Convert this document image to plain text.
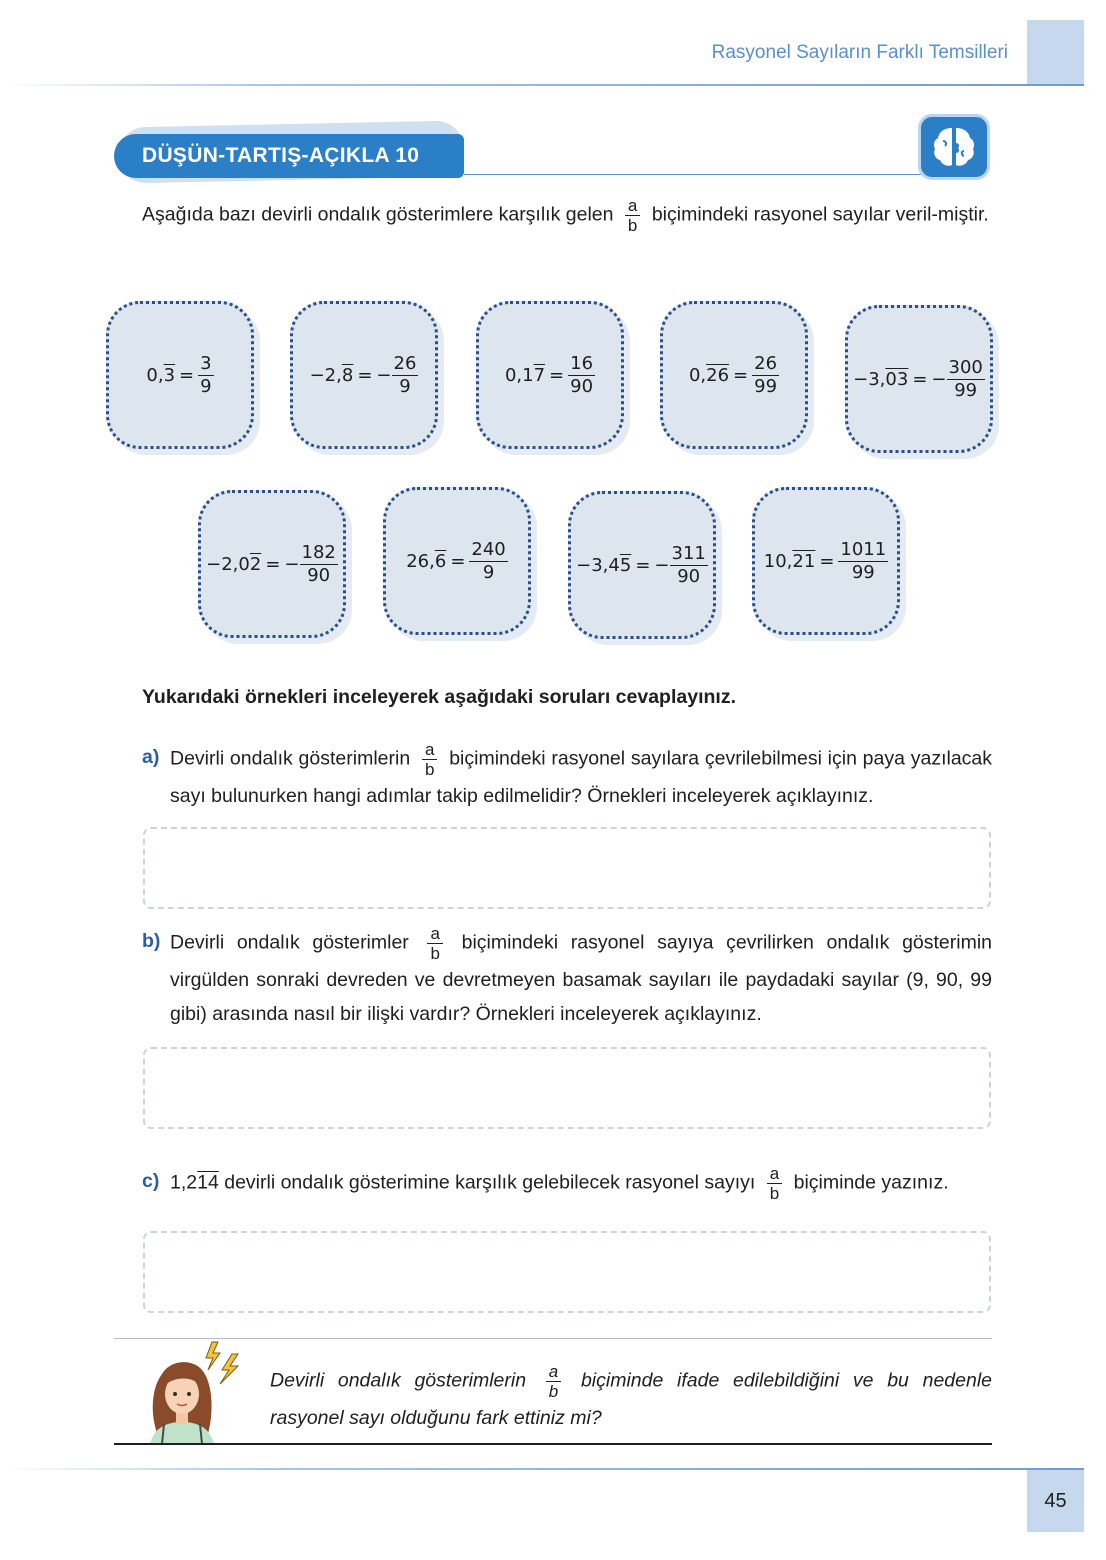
Rasyonel Sayıların Farklı Temsilleri
DÜŞÜN-TARTIŞ-AÇIKLA 10
Aşağıda bazı devirli ondalık gösterimlere karşılık gelen $\frac{a}{b}$ biçimindeki rasyonel sayılar veril-miştir.
0, $3 = \frac{3}{9}$	− 2, 8 = − $\frac{26}{9}$	0, 1 $7 = \frac{16}{90}$	0, $26 = \frac{26}{99}$	− 3, 03 = − $\frac{300}{99}$
− 2, 0 2 = − $\frac{182}{90}$	26, $6 = \frac{240}{9}$	− 3, 4 5 = − $\frac{311}{90}$	10, $21 = \frac{1011}{99}$
Yukarıdaki örnekleri inceleyerek aşağıdaki soruları cevaplayınız.
a) Devirli ondalık gösterimlerin $\frac{a}{b}$ biçimindeki rasyonel sayılara çevrilebilmesi için paya yazılacak sayı bulunurken hangi adımlar takip edilmelidir? Örnekleri inceleyerek açıklayınız.
b) Devirli ondalık gösterimler $\frac{a}{b}$ biçimindeki rasyonel sayıya çevrilirken ondalık gösterimin virgülden sonraki devreden ve devretmeyen basamak sayıları ile paydadaki sayılar (9, 90, 99 gibi) arasında nasıl bir ilişki vardır? Örnekleri inceleyerek açıklayınız.
c) 1,214 devirli ondalık gösterimine karşılık gelebilecek rasyonel sayıyı $\frac{a}{b}$ biçiminde yazınız.
Devirli ondalık gösterimlerin $\frac{a}{b}$ biçiminde ifade edilebildiğini ve bu nedenle rasyonel sayı olduğunu fark ettiniz mi?
45
